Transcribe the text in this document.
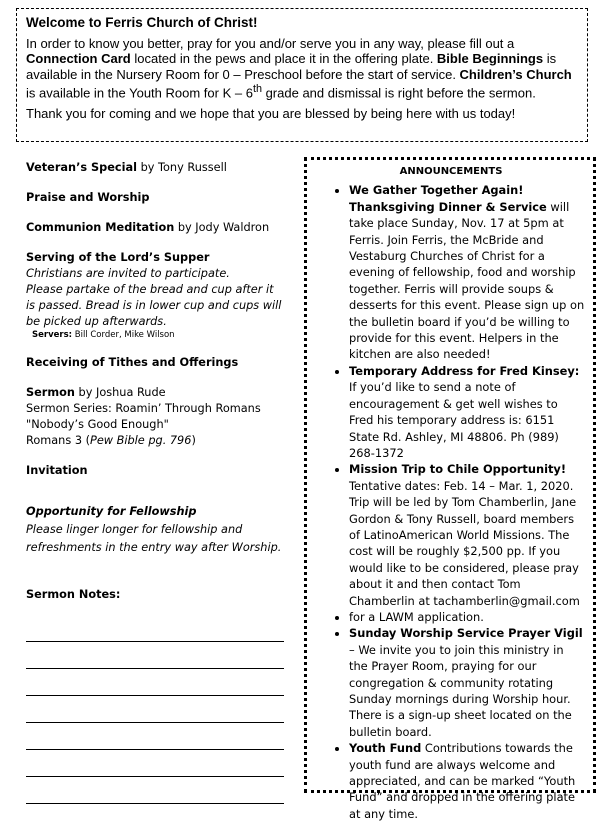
Welcome to Ferris Church of Christ!

In order to know you better, pray for you and/or serve you in any way, please fill out a Connection Card located in the pews and place it in the offering plate. Bible Beginnings is available in the Nursery Room for 0 – Preschool before the start of service. Children’s Church is available in the Youth Room for K – 6th grade and dismissal is right before the sermon.

Thank you for coming and we hope that you are blessed by being here with us today!

Veteran’s Special by Tony Russell
Praise and Worship
Communion Meditation by Jody Waldron
Serving of the Lord’s Supper
Christians are invited to participate.
Please partake of the bread and cup after it is passed. Bread is in lower cup and cups will be picked up afterwards.
Servers: Bill Corder, Mike Wilson
Receiving of Tithes and Offerings
Sermon by Joshua Rude
Sermon Series: Roamin’ Through Romans
"Nobody’s Good Enough"
Romans 3 (Pew Bible pg. 796)
Invitation
Opportunity for Fellowship
Please linger longer for fellowship and refreshments in the entry way after Worship.
Sermon Notes:
ANNOUNCEMENTS
• We Gather Together Again! Thanksgiving Dinner & Service will take place Sunday, Nov. 17 at 5pm at Ferris. Join Ferris, the McBride and Vestaburg Churches of Christ for a evening of fellowship, food and worship together. Ferris will provide soups & desserts for this event. Please sign up on the bulletin board if you’d be willing to provide for this event. Helpers in the kitchen are also needed!
• Temporary Address for Fred Kinsey: If you’d like to send a note of encouragement & get well wishes to Fred his temporary address is: 6151 State Rd. Ashley, MI 48806. Ph (989) 268-1372
• Mission Trip to Chile Opportunity! Tentative dates: Feb. 14 – Mar. 1, 2020. Trip will be led by Tom Chamberlin, Jane Gordon & Tony Russell, board members of LatinoAmerican World Missions. The cost will be roughly $2,500 pp. If you would like to be considered, please pray about it and then contact Tom Chamberlin at tachamberlin@gmail.com
• for a LAWM application.
• Sunday Worship Service Prayer Vigil – We invite you to join this ministry in the Prayer Room, praying for our congregation & community rotating Sunday mornings during Worship hour. There is a sign-up sheet located on the bulletin board.
• Youth Fund Contributions towards the youth fund are always welcome and appreciated, and can be marked “Youth Fund” and dropped in the offering plate at any time.
